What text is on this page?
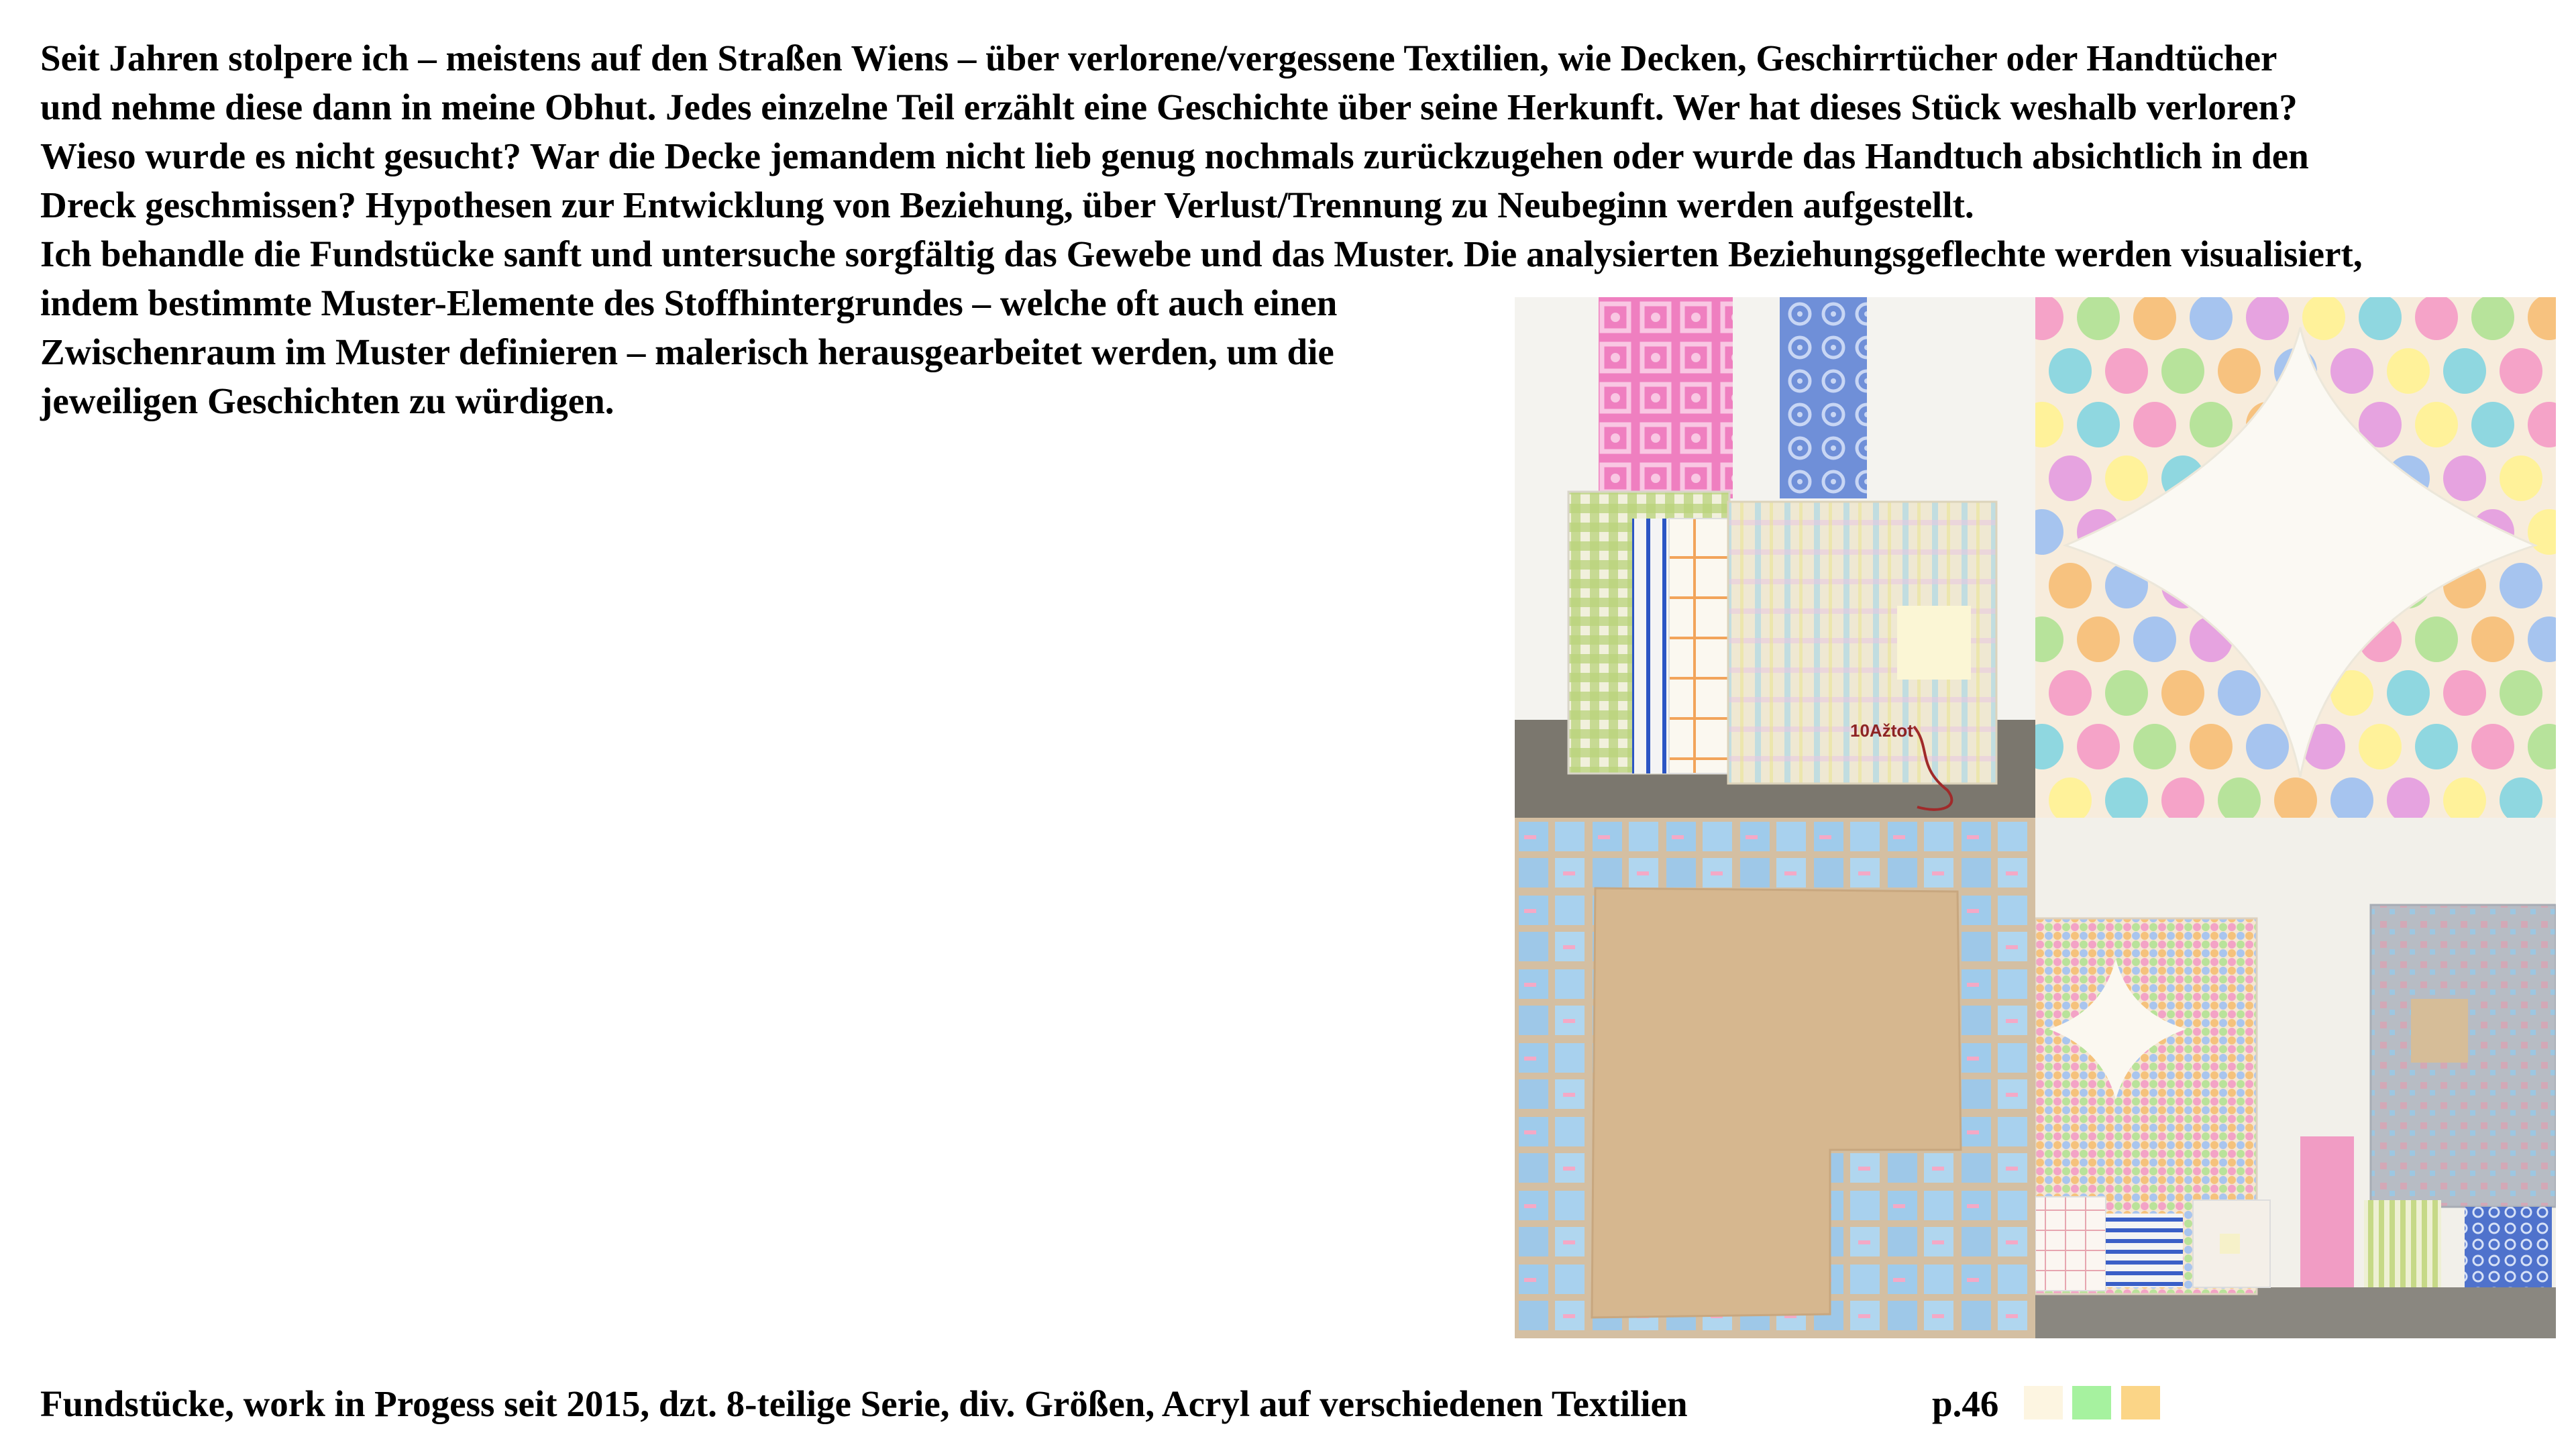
Seit Jahren stolpere ich – meistens auf den Straßen Wiens – über verlorene/vergessene Textilien, wie Decken, Geschirrtücher oder Handtücher
und nehme diese dann in meine Obhut. Jedes einzelne Teil erzählt eine Geschichte über seine Herkunft. Wer hat dieses Stück weshalb verloren?
Wieso wurde es nicht gesucht? War die Decke jemandem nicht lieb genug nochmals zurückzugehen oder wurde das Handtuch absichtlich in den
Dreck geschmissen? Hypothesen zur Entwicklung von Beziehung, über Verlust/Trennung zu Neubeginn werden aufgestellt.
Ich behandle die Fundstücke sanft und untersuche sorgfältig das Gewebe und das Muster. Die analysierten Beziehungsgeflechte werden visualisiert,
indem bestimmte Muster-Elemente des Stoffhintergrundes – welche oft auch einen
Zwischenraum im Muster definieren – malerisch herausgearbeitet werden, um die
jeweiligen Geschichten zu würdigen.
10Ažtot
Fundstücke, work in Progess seit 2015, dzt. 8-teilige Serie, div. Größen, Acryl auf verschiedenen Textilien	p.46
